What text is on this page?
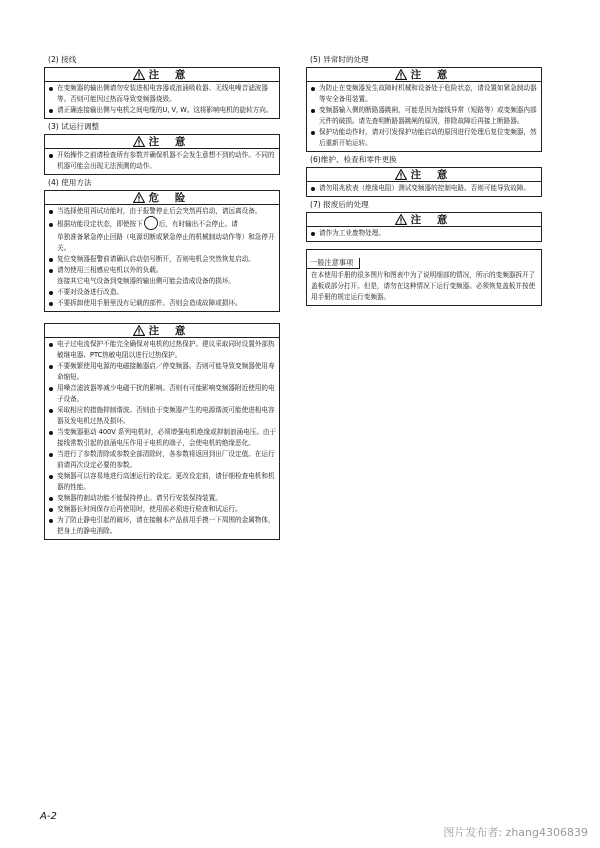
(2) 接线
注 意
在变频器的输出侧请勿安装进相电容器或浪涌吸收器、无线电噪音滤波器等。否则可能因过热而导致变频器烧毁。
请正确连接输出侧与电机之间电缆的U, V, W。这将影响电机的旋转方向。
(3) 试运行调整
注 意
开始操作之前请检查所有参数并确保机器不会发生意想不到的动作。不同的机器可能会出现无法预测的动作。
(4) 使用方法
危 险
当选择使用再试功能时，由于报警停止后会突然再启动，请远离设备。
根据功能设定状态，即使按下 后，有时输出不会停止。请
单独准备紧急停止回路（电源切断或紧急停止的机械制动动作等）和急停开关。
复位变频器报警前请确认启动信号断开，否则电机会突然恢复启动。
请勿使用三相感应电机以外的负载。
连接其它电气设备到变频器的输出侧可能会造成设备的损坏。
不要对设备进行改造。
不要拆卸使用手册里没有记载的部件。否则会造成故障或损坏。
注 意
电子过电流保护不能完全确保对电机的过热保护。建议采取同时设置外部热敏继电器、PTC热敏电阻以进行过热保护。
不要频繁使用电源的电磁接触器启／停变频器。否则可能导致变频器使用寿命缩短。
用噪音滤波器等减少电磁干扰的影响。否则有可能影响变频器附近使用的电子设备。
采取相应的措施抑制谐波。否则由于变频器产生的电源谐波可能使进相电容器及发电机过热及损坏。
当变频器驱动 400V 系列电机时，必须增强电机绝缘或抑制浪涌电压。由于接线常数引起的浪涌电压作用于电机的端子，会使电机的绝缘恶化。
当进行了参数清除或参数全部清除时，各参数将返回到出厂设定值。在运行前请再次设定必要的参数。
变频器可以容易地进行高速运行的设定。更改设定前，请仔细检查电机和机器的性能。
变频器的制动功能不能保持停止。请另行安装保持装置。
变频器长时间保存后再使用时，使用前必须进行检查和试运行。
为了防止静电引起的破坏，请在接触本产品前用手摸一下周围的金属物体，把身上的静电消除。
(5) 异常时的处理
注 意
为防止在变频器发生故障时机械和设备处于危险状态，请设置如紧急制动器等安全备用装置。
变频器输入侧的断路器跳闸，可能是因为接线异常（短路等）或变频器内部元件的破损。请先查明断路器跳闸的原因，排除故障后再接上断路器。
保护功能动作时，请对引发保护功能启动的原因进行处理后复位变频器，然后重新开始运转。
(6)维护、检查和零件更换
注 意
请勿用兆欧表（绝缘电阻）测试变频器的控制电路。否则可能导致故障。
(7) 报废后的处理
注 意
请作为工业废物处理。
一般注意事项
在本使用手册的很多图片和图表中为了说明细部的情况，所示的变频器拆开了盖板或部分打开。但是，请勿在这种情况下运行变频器。必须恢复盖板并按使用手册的规定运行变频器。
A-2
图片发布者: zhang4306839
